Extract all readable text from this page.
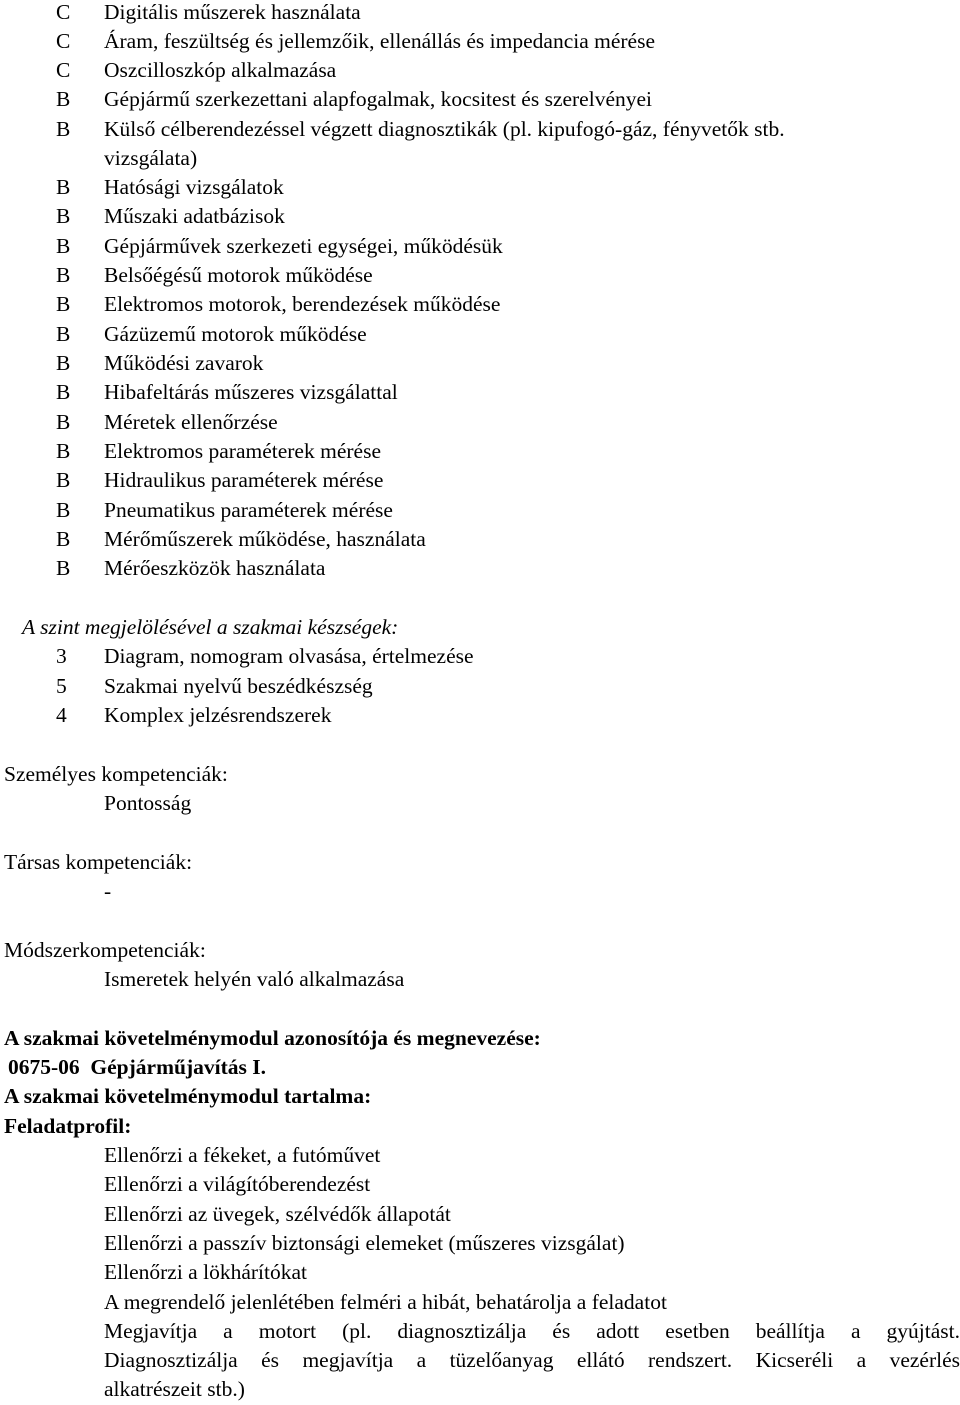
C	Digitális műszerek használata
C	Áram, feszültség és jellemzőik, ellenállás és impedancia mérése
C	Oszcilloszkóp alkalmazása
B	Gépjármű szerkezettani alapfogalmak, kocsitest és szerelvényei
B	Külső célberendezéssel végzett diagnosztikák (pl. kipufogó-gáz, fényvetők stb.
vizsgálata)
B	Hatósági vizsgálatok
B	Műszaki adatbázisok
B	Gépjárművek szerkezeti egységei, működésük
B	Belsőégésű motorok működése
B	Elektromos motorok, berendezések működése
B	Gázüzemű motorok működése
B	Működési zavarok
B	Hibafeltárás műszeres vizsgálattal
B	Méretek ellenőrzése
B	Elektromos paraméterek mérése
B	Hidraulikus paraméterek mérése
B	Pneumatikus paraméterek mérése
B	Mérőműszerek működése, használata
B	Mérőeszközök használata
A szint megjelölésével a szakmai készségek:
3	Diagram, nomogram olvasása, értelmezése
5	Szakmai nyelvű beszédkészség
4	Komplex jelzésrendszerek
Személyes kompetenciák:
Pontosság
Társas kompetenciák:
-
Módszerkompetenciák:
Ismeretek helyén való alkalmazása
A szakmai követelménymodul azonosítója és megnevezése:
0675-06  Gépjárműjavítás I.
A szakmai követelménymodul tartalma:
Feladatprofil:
Ellenőrzi a fékeket, a futóművet
Ellenőrzi a világítóberendezést
Ellenőrzi az üvegek, szélvédők állapotát
Ellenőrzi a passzív biztonsági elemeket (műszeres vizsgálat)
Ellenőrzi a lökhárítókat
A megrendelő jelenlétében felméri a hibát, behatárolja a feladatot
Megjavítja a motort (pl. diagnosztizálja és adott esetben beállítja a gyújtást.
Diagnosztizálja és megjavítja a tüzelőanyag ellátó rendszert. Kicseréli a vezérlés
alkatrészeit stb.)
